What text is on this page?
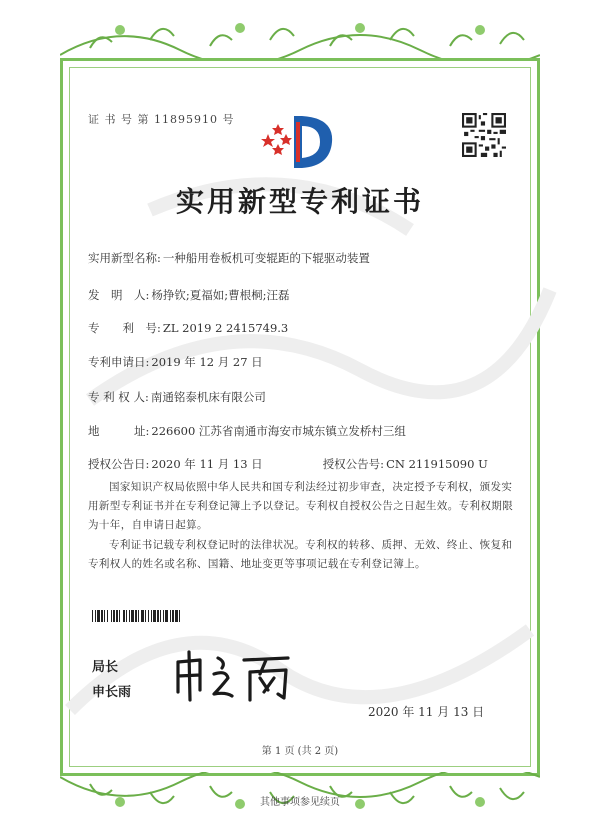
证 书 号 第 11895910 号
实用新型专利证书
实用新型名称: 一种船用卷板机可变辊距的下辊驱动装置
发　明　人: 杨挣钦;夏福如;曹根桐;汪磊
专　　利　号: ZL 2019 2 2415749.3
专利申请日: 2019 年 12 月 27 日
专 利 权 人: 南通铭泰机床有限公司
地　　　址: 226600 江苏省南通市海安市城东镇立发桥村三组
授权公告日: 2020 年 11 月 13 日	授权公告号: CN 211915090 U
国家知识产权局依照中华人民共和国专利法经过初步审查，决定授予专利权，颁发实用新型专利证书并在专利登记簿上予以登记。专利权自授权公告之日起生效。专利权期限为十年，自申请日起算。
专利证书记载专利权登记时的法律状况。专利权的转移、质押、无效、终止、恢复和专利权人的姓名或名称、国籍、地址变更等事项记载在专利登记簿上。
局长
申长雨
2020 年 11 月 13 日
第 1 页 (共 2 页)
其他事项参见续页
